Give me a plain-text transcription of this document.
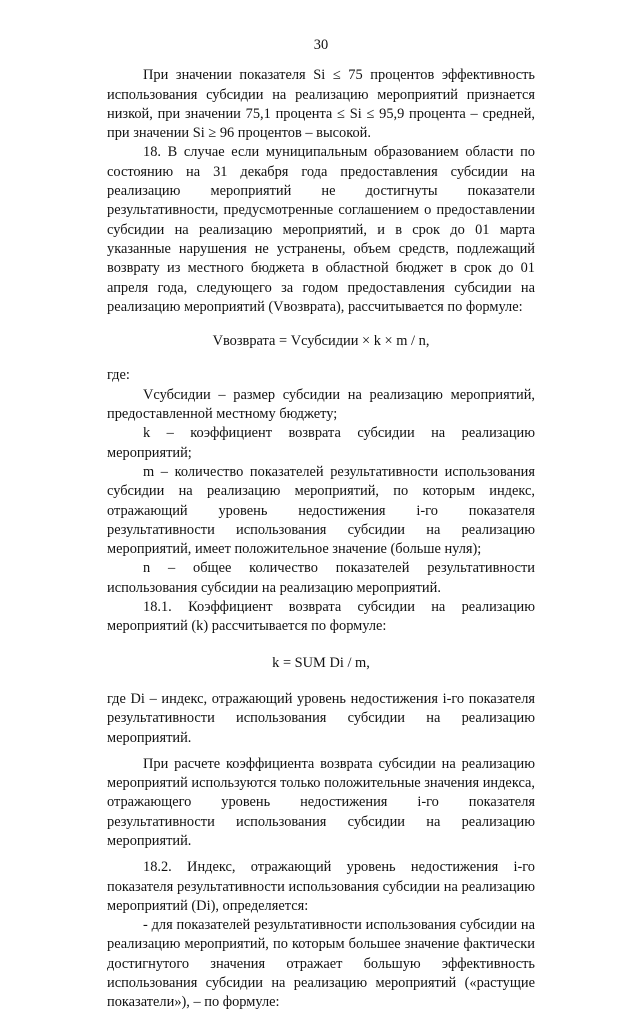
30

При значении показателя Si ≤ 75 процентов эффективность использования субсидии на реализацию мероприятий признается низкой, при значении 75,1 процента ≤ Si ≤ 95,9 процента – средней, при значении Si ≥ 96 процентов – высокой.

18. В случае если муниципальным образованием области по состоянию на 31 декабря года предоставления субсидии на реализацию мероприятий не достигнуты показатели результативности, предусмотренные соглашением о предоставлении субсидии на реализацию мероприятий, и в срок до 01 марта указанные нарушения не устранены, объем средств, подлежащий возврату из местного бюджета в областной бюджет в срок до 01 апреля года, следующего за годом предоставления субсидии на реализацию мероприятий (Vвозврата), рассчитывается по формуле:

Vвозврата = Vсубсидии × k × m / n,

где:

Vсубсидии – размер субсидии на реализацию мероприятий, предоставленной местному бюджету;

k – коэффициент возврата субсидии на реализацию мероприятий;

m – количество показателей результативности использования субсидии на реализацию мероприятий, по которым индекс, отражающий уровень недостижения i-го показателя результативности использования субсидии на реализацию мероприятий, имеет положительное значение (больше нуля);

n – общее количество показателей результативности использования субсидии на реализацию мероприятий.

18.1. Коэффициент возврата субсидии на реализацию мероприятий (k) рассчитывается по формуле:

k = SUM Di / m,

где Di – индекс, отражающий уровень недостижения i-го показателя результативности использования субсидии на реализацию мероприятий.

При расчете коэффициента возврата субсидии на реализацию мероприятий используются только положительные значения индекса, отражающего уровень недостижения i-го показателя результативности использования субсидии на реализацию мероприятий.

18.2. Индекс, отражающий уровень недостижения i-го показателя результативности использования субсидии на реализацию мероприятий (Di), определяется:

- для показателей результативности использования субсидии на реализацию мероприятий, по которым большее значение фактически достигнутого значения отражает большую эффективность использования субсидии на реализацию мероприятий («растущие показатели»), – по формуле:
